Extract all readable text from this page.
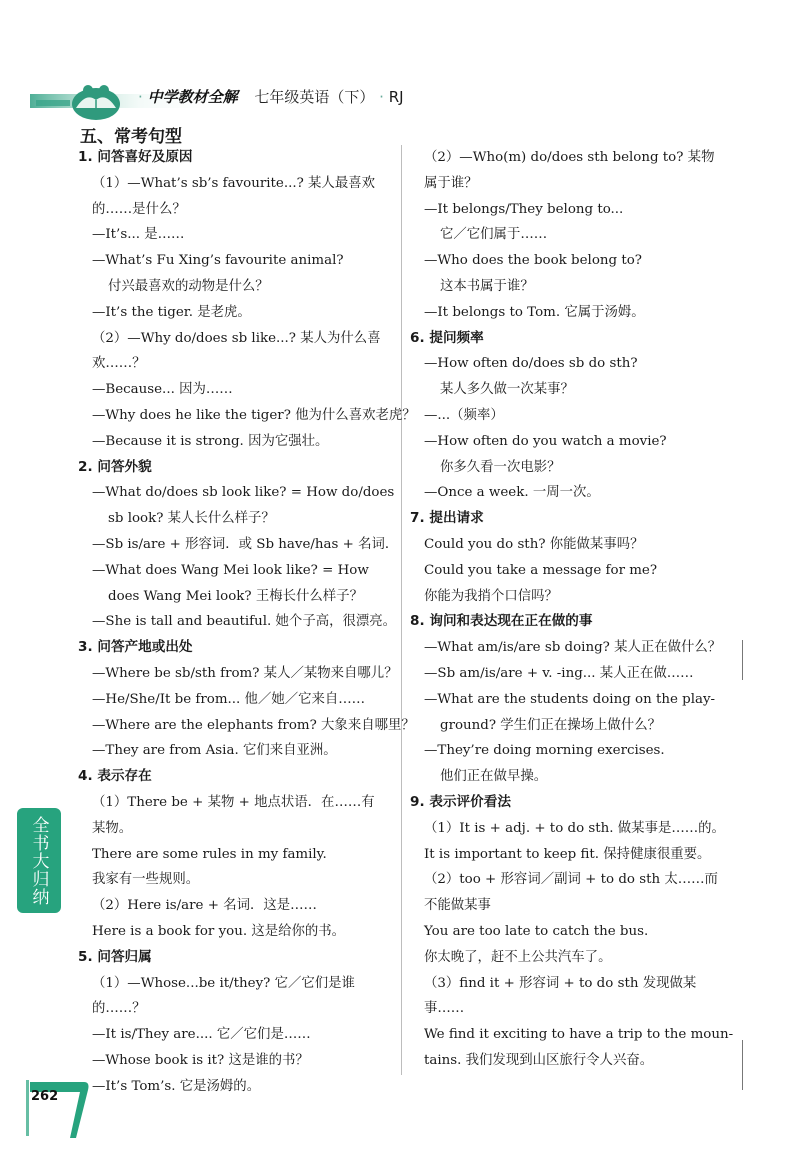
· 中学教材全解 七年级英语（下） · RJ
五、常考句型

1. 问答喜好及原因

（1）—What’s sb’s favourite...? 某人最喜欢

的……是什么？

—It’s... 是……

—What’s Fu Xing’s favourite animal?

付兴最喜欢的动物是什么？

—It’s the tiger. 是老虎。

（2）—Why do/does sb like...? 某人为什么喜

欢……？

—Because... 因为……

—Why does he like the tiger? 他为什么喜欢老虎？

—Because it is strong. 因为它强壮。

2. 问答外貌

—What do/does sb look like? = How do/does

sb look? 某人长什么样子？

—Sb is/are + 形容词．或 Sb have/has + 名词．

—What does Wang Mei look like? = How

does Wang Mei look? 王梅长什么样子？

—She is tall and beautiful. 她个子高，很漂亮。

3. 问答产地或出处

—Where be sb/sth from? 某人／某物来自哪儿？

—He/She/It be from... 他／她／它来自……

—Where are the elephants from? 大象来自哪里？

—They are from Asia. 它们来自亚洲。

4. 表示存在

（1）There be + 某物 + 地点状语．在……有

某物。

There are some rules in my family.

我家有一些规则。

（2）Here is/are + 名词．这是……

Here is a book for you. 这是给你的书。

5. 问答归属

（1）—Whose...be it/they? 它／它们是谁

的……？

—It is/They are.... 它／它们是……

—Whose book is it? 这是谁的书？

—It’s Tom’s. 它是汤姆的。

（2）—Who(m) do/does sth belong to? 某物

属于谁？

—It belongs/They belong to...

它／它们属于……

—Who does the book belong to?

这本书属于谁？

—It belongs to Tom. 它属于汤姆。

6. 提问频率

—How often do/does sb do sth?

某人多久做一次某事？

—...（频率）

—How often do you watch a movie?

你多久看一次电影？

—Once a week. 一周一次。

7. 提出请求

Could you do sth? 你能做某事吗？

Could you take a message for me?

你能为我捎个口信吗？

8. 询问和表达现在正在做的事

—What am/is/are sb doing? 某人正在做什么？

—Sb am/is/are + v. -ing... 某人正在做……

—What are the students doing on the play-

ground? 学生们正在操场上做什么？

—They’re doing morning exercises.

他们正在做早操。

9. 表示评价看法

（1）It is + adj. + to do sth. 做某事是……的。

It is important to keep fit. 保持健康很重要。

（2）too + 形容词／副词 + to do sth 太……而

不能做某事

You are too late to catch the bus.

你太晚了，赶不上公共汽车了。

（3）find it + 形容词 + to do sth 发现做某

事……

We find it exciting to have a trip to the moun-

tains. 我们发现到山区旅行令人兴奋。

全书大归纳
262
